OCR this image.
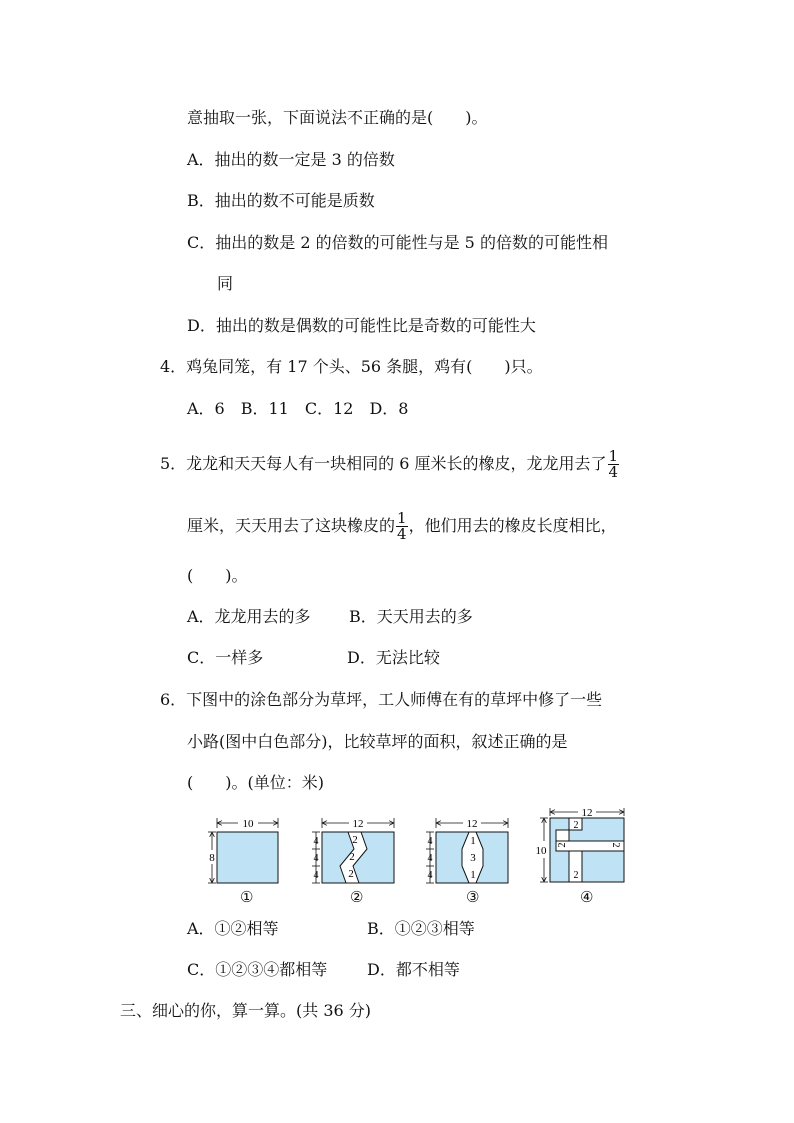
意抽取一张，下面说法不正确的是(　　)。
A．抽出的数一定是 3 的倍数
B．抽出的数不可能是质数
C．抽出的数是 2 的倍数的可能性与是 5 的倍数的可能性相
同
D．抽出的数是偶数的可能性比是奇数的可能性大
4．鸡兔同笼，有 17 个头、56 条腿，鸡有(　　)只。
A．6　B．11　C．12　D．8
5．龙龙和天天每人有一块相同的 6 厘米长的橡皮，龙龙用去了 $\frac{1}{4}$
厘米，天天用去了这块橡皮的 $\frac{1}{4}$ ，他们用去的橡皮长度相比，
(　　)。
A．龙龙用去的多 B．天天用去的多
C．一样多	D．无法比较
6．下图中的涂色部分为草坪，工人师傅在有的草坪中修了一些
小路(图中白色部分)，比较草坪的面积，叙述正确的是
(　　)。(单位：米)
10
8
12
4
4
4
2
2
2
12
4
4
4
1
3
1
12
10
2
2	2
2
①	②	③	④
A．①②相等	B．①②③相等
C．①②③④都相等 D．都不相等
三、细心的你，算一算。(共 36 分)
